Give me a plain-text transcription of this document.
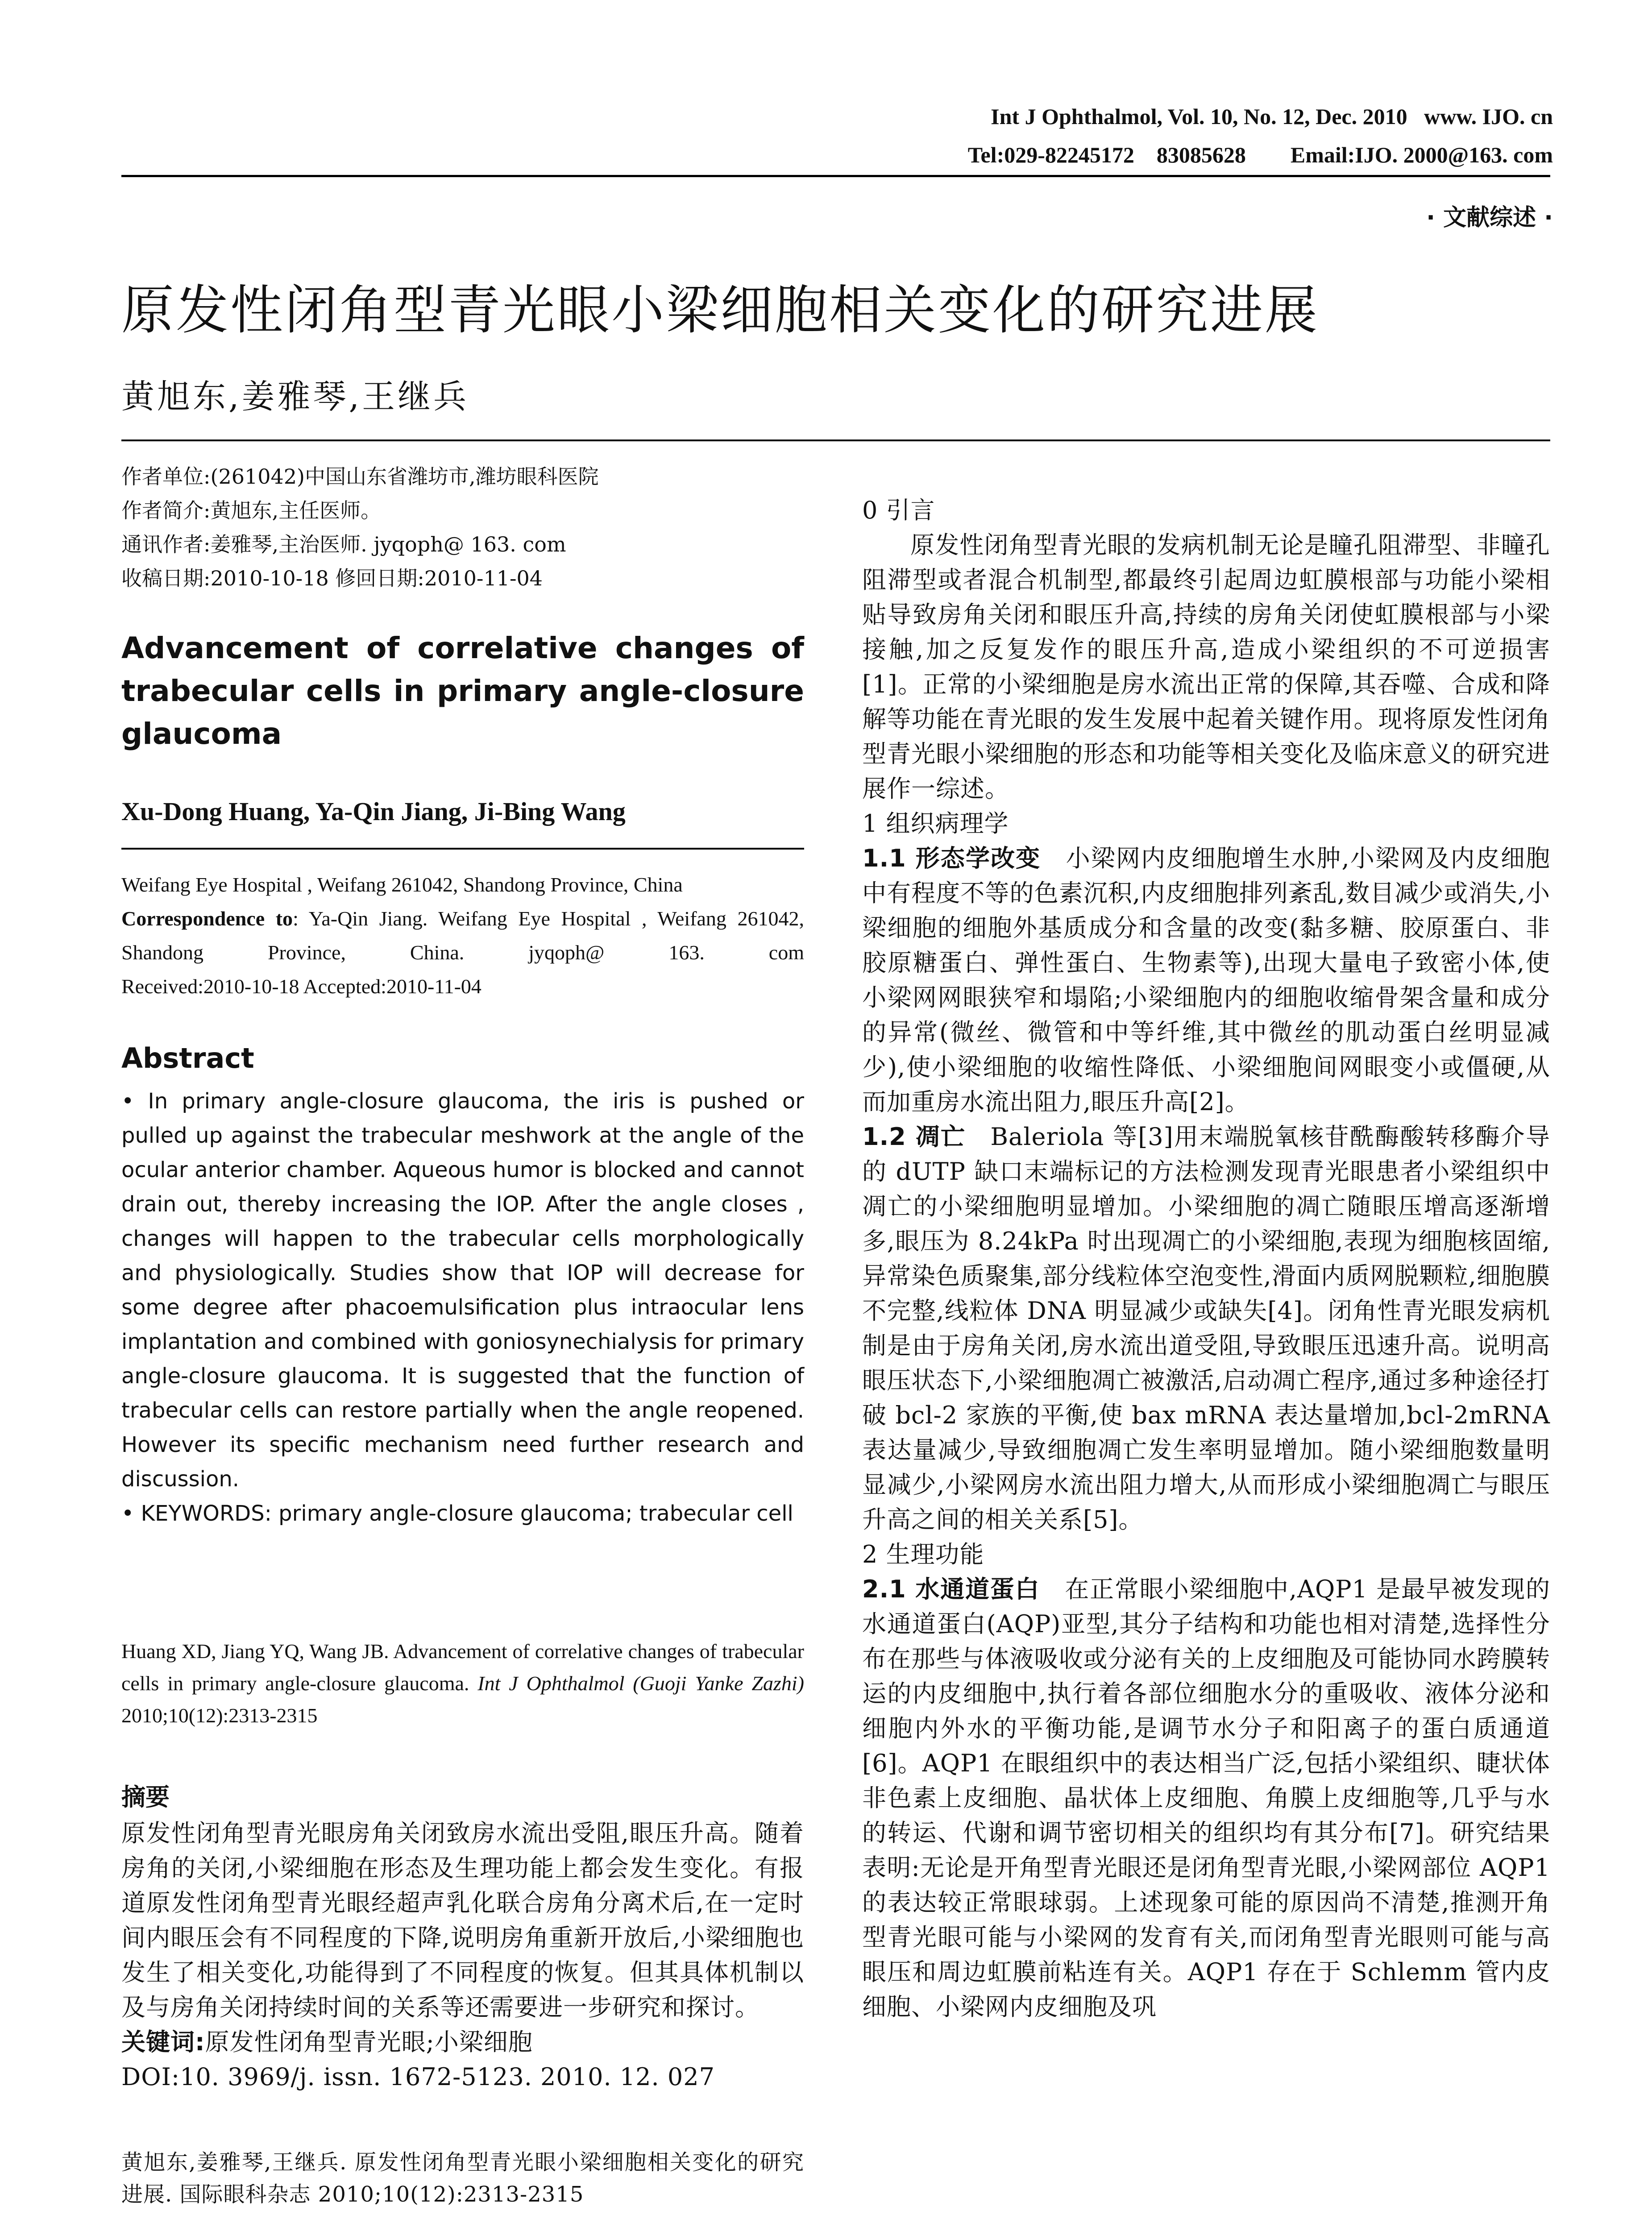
Int J Ophthalmol, Vol. 10, No. 12, Dec. 2010   www. IJO. cn
Tel:029-82245172    83085628        Email:IJO. 2000@163. com
· 文献综述 ·
原发性闭角型青光眼小梁细胞相关变化的研究进展
黄旭东,姜雅琴,王继兵

作者单位:(261042)中国山东省潍坊市,潍坊眼科医院

作者简介:黄旭东,主任医师。

通讯作者:姜雅琴,主治医师. jyqoph@ 163. com

收稿日期:2010-10-18 修回日期:2010-11-04

Advancement of correlative changes of trabecular cells in primary angle-closure glaucoma

Xu-Dong Huang, Ya-Qin Jiang, Ji-Bing Wang

Weifang Eye Hospital , Weifang 261042, Shandong Province, China

Correspondence to: Ya-Qin Jiang. Weifang Eye Hospital , Weifang 261042, Shandong Province, China. jyqoph@ 163. com

Received:2010-10-18 Accepted:2010-11-04

Abstract

• In primary angle-closure glaucoma, the iris is pushed or pulled up against the trabecular meshwork at the angle of the ocular anterior chamber. Aqueous humor is blocked and cannot drain out, thereby increasing the IOP. After the angle closes , changes will happen to the trabecular cells morphologically and physiologically. Studies show that IOP will decrease for some degree after phacoemulsification plus intraocular lens implantation and combined with goniosynechialysis for primary angle-closure glaucoma. It is suggested that the function of trabecular cells can restore partially when the angle reopened. However its specific mechanism need further research and discussion.

• KEYWORDS: primary angle-closure glaucoma; trabecular cell

Huang XD, Jiang YQ, Wang JB. Advancement of correlative changes of trabecular cells in primary angle-closure glaucoma. Int J Ophthalmol (Guoji Yanke Zazhi) 2010;10(12):2313-2315

摘要

原发性闭角型青光眼房角关闭致房水流出受阻,眼压升高。随着房角的关闭,小梁细胞在形态及生理功能上都会发生变化。有报道原发性闭角型青光眼经超声乳化联合房角分离术后,在一定时间内眼压会有不同程度的下降,说明房角重新开放后,小梁细胞也发生了相关变化,功能得到了不同程度的恢复。但其具体机制以及与房角关闭持续时间的关系等还需要进一步研究和探讨。

关键词:原发性闭角型青光眼;小梁细胞

DOI:10. 3969/j. issn. 1672-5123. 2010. 12. 027

黄旭东,姜雅琴,王继兵. 原发性闭角型青光眼小梁细胞相关变化的研究进展. 国际眼科杂志 2010;10(12):2313-2315

0 引言

原发性闭角型青光眼的发病机制无论是瞳孔阻滞型、非瞳孔阻滞型或者混合机制型,都最终引起周边虹膜根部与功能小梁相贴导致房角关闭和眼压升高,持续的房角关闭使虹膜根部与小梁接触,加之反复发作的眼压升高,造成小梁组织的不可逆损害[1]。正常的小梁细胞是房水流出正常的保障,其吞噬、合成和降解等功能在青光眼的发生发展中起着关键作用。现将原发性闭角型青光眼小梁细胞的形态和功能等相关变化及临床意义的研究进展作一综述。

1 组织病理学

1.1 形态学改变  小梁网内皮细胞增生水肿,小梁网及内皮细胞中有程度不等的色素沉积,内皮细胞排列紊乱,数目减少或消失,小梁细胞的细胞外基质成分和含量的改变(黏多糖、胶原蛋白、非胶原糖蛋白、弹性蛋白、生物素等),出现大量电子致密小体,使小梁网网眼狭窄和塌陷;小梁细胞内的细胞收缩骨架含量和成分的异常(微丝、微管和中等纤维,其中微丝的肌动蛋白丝明显减少),使小梁细胞的收缩性降低、小梁细胞间网眼变小或僵硬,从而加重房水流出阻力,眼压升高[2]。

1.2 凋亡  Baleriola 等[3]用末端脱氧核苷酰酶酸转移酶介导的 dUTP 缺口末端标记的方法检测发现青光眼患者小梁组织中凋亡的小梁细胞明显增加。小梁细胞的凋亡随眼压增高逐渐增多,眼压为 8.24kPa 时出现凋亡的小梁细胞,表现为细胞核固缩,异常染色质聚集,部分线粒体空泡变性,滑面内质网脱颗粒,细胞膜不完整,线粒体 DNA 明显减少或缺失[4]。闭角性青光眼发病机制是由于房角关闭,房水流出道受阻,导致眼压迅速升高。说明高眼压状态下,小梁细胞凋亡被激活,启动凋亡程序,通过多种途径打破 bcl-2 家族的平衡,使 bax mRNA 表达量增加,bcl-2mRNA 表达量减少,导致细胞凋亡发生率明显增加。随小梁细胞数量明显减少,小梁网房水流出阻力增大,从而形成小梁细胞凋亡与眼压升高之间的相关关系[5]。

2 生理功能

2.1 水通道蛋白  在正常眼小梁细胞中,AQP1 是最早被发现的水通道蛋白(AQP)亚型,其分子结构和功能也相对清楚,选择性分布在那些与体液吸收或分泌有关的上皮细胞及可能协同水跨膜转运的内皮细胞中,执行着各部位细胞水分的重吸收、液体分泌和细胞内外水的平衡功能,是调节水分子和阳离子的蛋白质通道[6]。AQP1 在眼组织中的表达相当广泛,包括小梁组织、睫状体非色素上皮细胞、晶状体上皮细胞、角膜上皮细胞等,几乎与水的转运、代谢和调节密切相关的组织均有其分布[7]。研究结果表明:无论是开角型青光眼还是闭角型青光眼,小梁网部位 AQP1 的表达较正常眼球弱。上述现象可能的原因尚不清楚,推测开角型青光眼可能与小梁网的发育有关,而闭角型青光眼则可能与高眼压和周边虹膜前粘连有关。AQP1 存在于 Schlemm 管内皮细胞、小梁网内皮细胞及巩
